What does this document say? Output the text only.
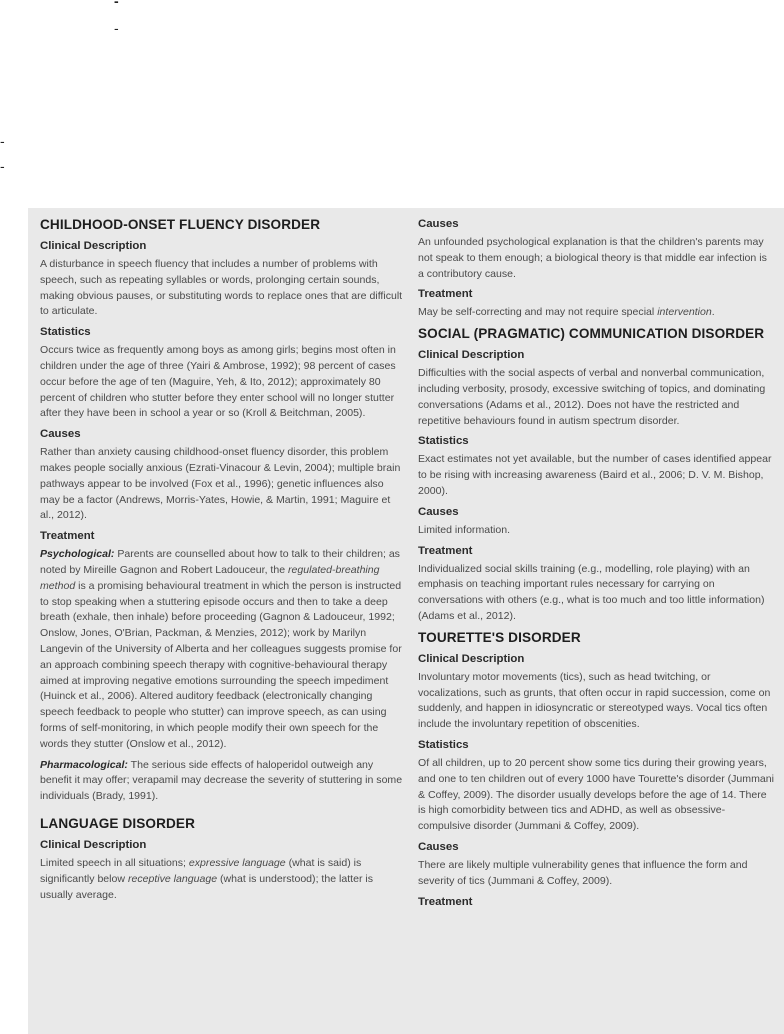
-
-
-
-
CHILDHOOD-ONSET FLUENCY DISORDER
Clinical Description

A disturbance in speech fluency that includes a number of problems with speech, such as repeating syllables or words, prolonging certain sounds, making obvious pauses, or substituting words to replace ones that are difficult to articulate.

Statistics

Occurs twice as frequently among boys as among girls; begins most often in children under the age of three (Yairi & Ambrose, 1992); 98 percent of cases occur before the age of ten (Maguire, Yeh, & Ito, 2012); approximately 80 percent of children who stutter before they enter school will no longer stutter after they have been in school a year or so (Kroll & Beitchman, 2005).

Causes

Rather than anxiety causing childhood-onset fluency disorder, this problem makes people socially anxious (Ezrati-Vinacour & Levin, 2004); multiple brain pathways appear to be involved (Fox et al., 1996); genetic influences also may be a factor (Andrews, Morris-Yates, Howie, & Martin, 1991; Maguire et al., 2012).

Treatment

Psychological: Parents are counselled about how to talk to their children; as noted by Mireille Gagnon and Robert Ladouceur, the regulated-breathing method is a promising behavioural treatment in which the person is instructed to stop speaking when a stuttering episode occurs and then to take a deep breath (exhale, then inhale) before proceeding (Gagnon & Ladouceur, 1992; Onslow, Jones, O'Brian, Packman, & Menzies, 2012); work by Marilyn Langevin of the University of Alberta and her colleagues suggests promise for an approach combining speech therapy with cognitive-behavioural therapy aimed at improving negative emotions surrounding the speech impediment (Huinck et al., 2006). Altered auditory feedback (electronically changing speech feedback to people who stutter) can improve speech, as can using forms of self-monitoring, in which people modify their own speech for the words they stutter (Onslow et al., 2012).

Pharmacological: The serious side effects of haloperidol outweigh any benefit it may offer; verapamil may decrease the severity of stuttering in some individuals (Brady, 1991).

LANGUAGE DISORDER
Clinical Description

Limited speech in all situations; expressive language (what is said) is significantly below receptive language (what is understood); the latter is usually average.

Causes

An unfounded psychological explanation is that the children's parents may not speak to them enough; a biological theory is that middle ear infection is a contributory cause.

Treatment

May be self-correcting and may not require special intervention.

SOCIAL (PRAGMATIC) COMMUNICATION DISORDER
Clinical Description

Difficulties with the social aspects of verbal and nonverbal communication, including verbosity, prosody, excessive switching of topics, and dominating conversations (Adams et al., 2012). Does not have the restricted and repetitive behaviours found in autism spectrum disorder.

Statistics

Exact estimates not yet available, but the number of cases identified appear to be rising with increasing awareness (Baird et al., 2006; D. V. M. Bishop, 2000).

Causes

Limited information.

Treatment

Individualized social skills training (e.g., modelling, role playing) with an emphasis on teaching important rules necessary for carrying on conversations with others (e.g., what is too much and too little information) (Adams et al., 2012).

TOURETTE'S DISORDER
Clinical Description

Involuntary motor movements (tics), such as head twitching, or vocalizations, such as grunts, that often occur in rapid succession, come on suddenly, and happen in idiosyncratic or stereotyped ways. Vocal tics often include the involuntary repetition of obscenities.

Statistics

Of all children, up to 20 percent show some tics during their growing years, and one to ten children out of every 1000 have Tourette's disorder (Jummani & Coffey, 2009). The disorder usually develops before the age of 14. There is high comorbidity between tics and ADHD, as well as obsessive-compulsive disorder (Jummani & Coffey, 2009).

Causes

There are likely multiple vulnerability genes that influence the form and severity of tics (Jummani & Coffey, 2009).

Treatment
